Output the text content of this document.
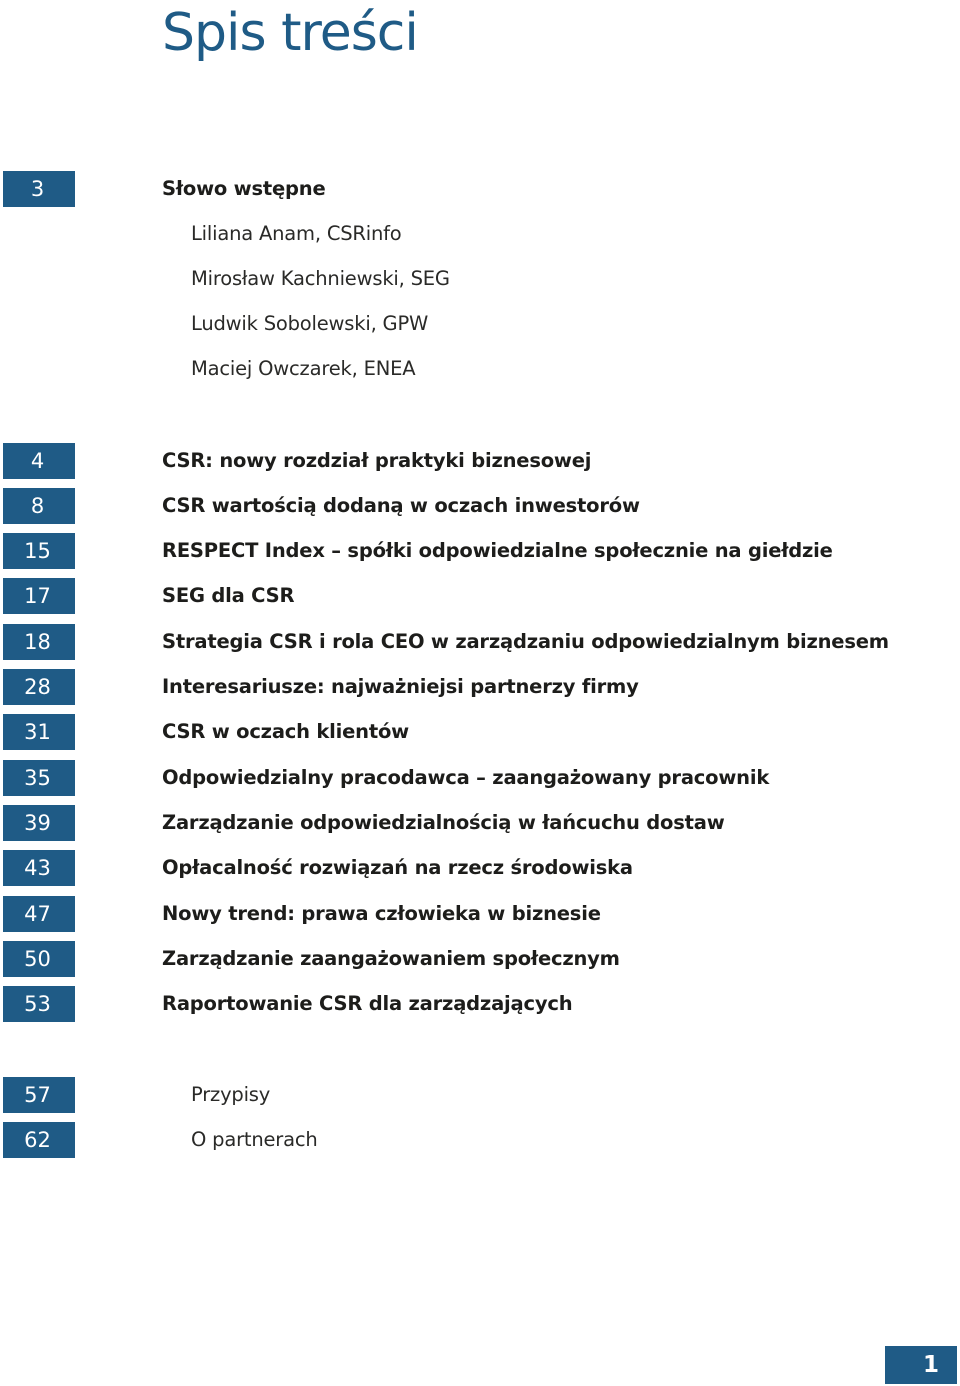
Spis treści
3	Słowo wstępne
Liliana Anam, CSRinfo
Mirosław Kachniewski, SEG
Ludwik Sobolewski, GPW
Maciej Owczarek, ENEA
4	CSR: nowy rozdział praktyki biznesowej
8	CSR wartością dodaną w oczach inwestorów
15	RESPECT Index – spółki odpowiedzialne społecznie na giełdzie
17	SEG dla CSR
18	Strategia CSR i rola CEO w zarządzaniu odpowiedzialnym biznesem
28	Interesariusze: najważniejsi partnerzy firmy
31	CSR w oczach klientów
35	Odpowiedzialny pracodawca – zaangażowany pracownik
39	Zarządzanie odpowiedzialnością w łańcuchu dostaw
43	Opłacalność rozwiązań na rzecz środowiska
47	Nowy trend: prawa człowieka w biznesie
50	Zarządzanie zaangażowaniem społecznym
53	Raportowanie CSR dla zarządzających
57	Przypisy
62	O partnerach
1
